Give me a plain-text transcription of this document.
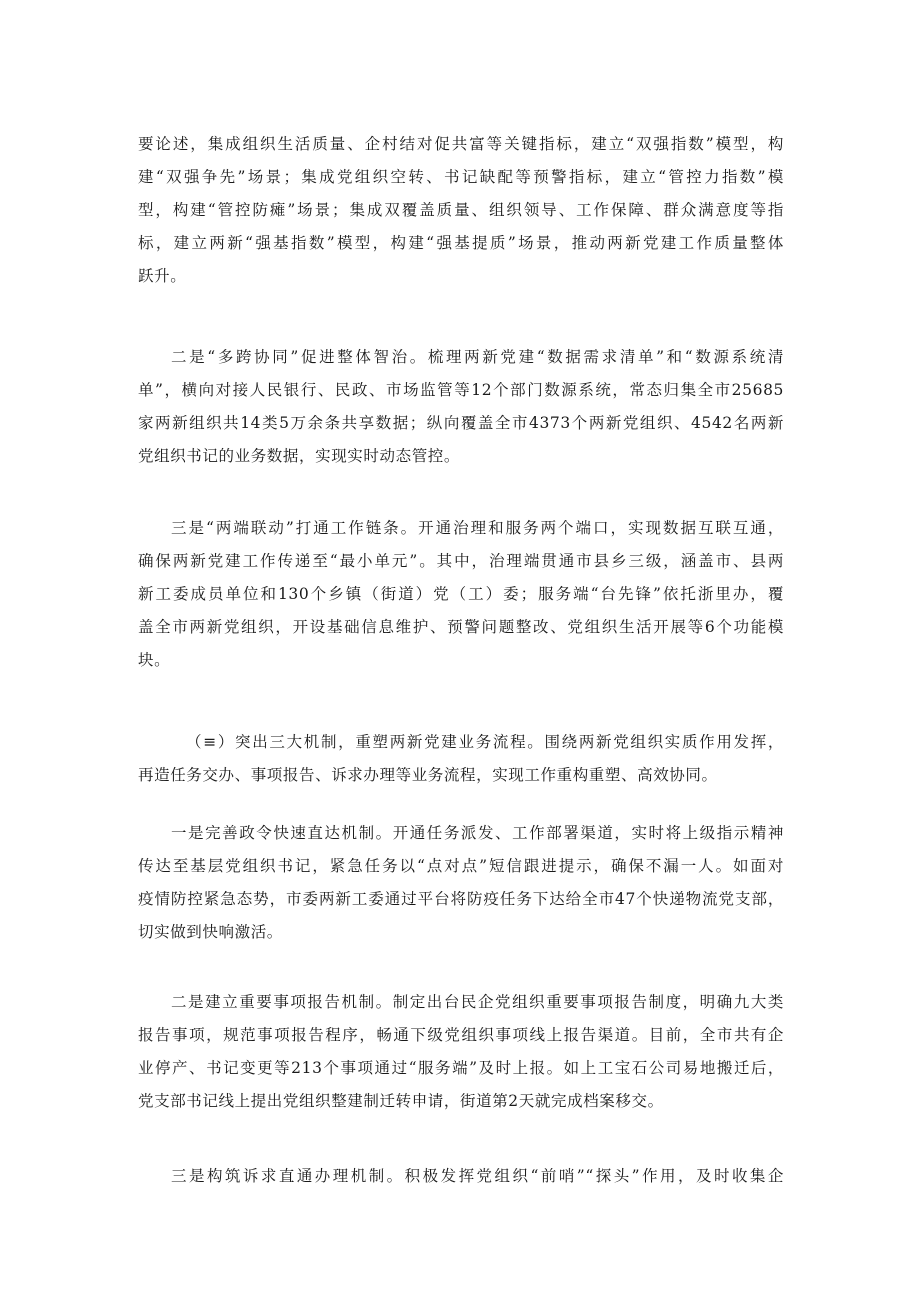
要论述，集成组织生活质量、企村结对促共富等关键指标，建立“双强指数”模型，构
建“双强争先”场景；集成党组织空转、书记缺配等预警指标，建立“管控力指数”模
型，构建“管控防瘫”场景；集成双覆盖质量、组织领导、工作保障、群众满意度等指
标，建立两新“强基指数”模型，构建“强基提质”场景，推动两新党建工作质量整体
跃升。

二是“多跨协同”促进整体智治。梳理两新党建“数据需求清单”和“数源系统清
单”，横向对接人民银行、民政、市场监管等12个部门数源系统，常态归集全市25685
家两新组织共14类5万余条共享数据；纵向覆盖全市4373个两新党组织、4542名两新
党组织书记的业务数据，实现实时动态管控。

三是“两端联动”打通工作链条。开通治理和服务两个端口，实现数据互联互通，
确保两新党建工作传递至“最小单元”。其中，治理端贯通市县乡三级，涵盖市、县两
新工委成员单位和130个乡镇（街道）党（工）委；服务端“台先锋”依托浙里办，覆
盖全市两新党组织，开设基础信息维护、预警问题整改、党组织生活开展等6个功能模
块。

（≡）突出三大机制，重塑两新党建业务流程。围绕两新党组织实质作用发挥，
再造任务交办、事项报告、诉求办理等业务流程，实现工作重构重塑、高效协同。

一是完善政令快速直达机制。开通任务派发、工作部署渠道，实时将上级指示精神
传达至基层党组织书记，紧急任务以“点对点”短信跟进提示，确保不漏一人。如面对
疫情防控紧急态势，市委两新工委通过平台将防疫任务下达给全市47个快递物流党支部，
切实做到快响激活。

二是建立重要事项报告机制。制定出台民企党组织重要事项报告制度，明确九大类
报告事项，规范事项报告程序，畅通下级党组织事项线上报告渠道。目前，全市共有企
业停产、书记变更等213个事项通过“服务端”及时上报。如上工宝石公司易地搬迁后，
党支部书记线上提出党组织整建制迁转申请，街道第2天就完成档案移交。

三是构筑诉求直通办理机制。积极发挥党组织“前哨”“探头”作用，及时收集企
